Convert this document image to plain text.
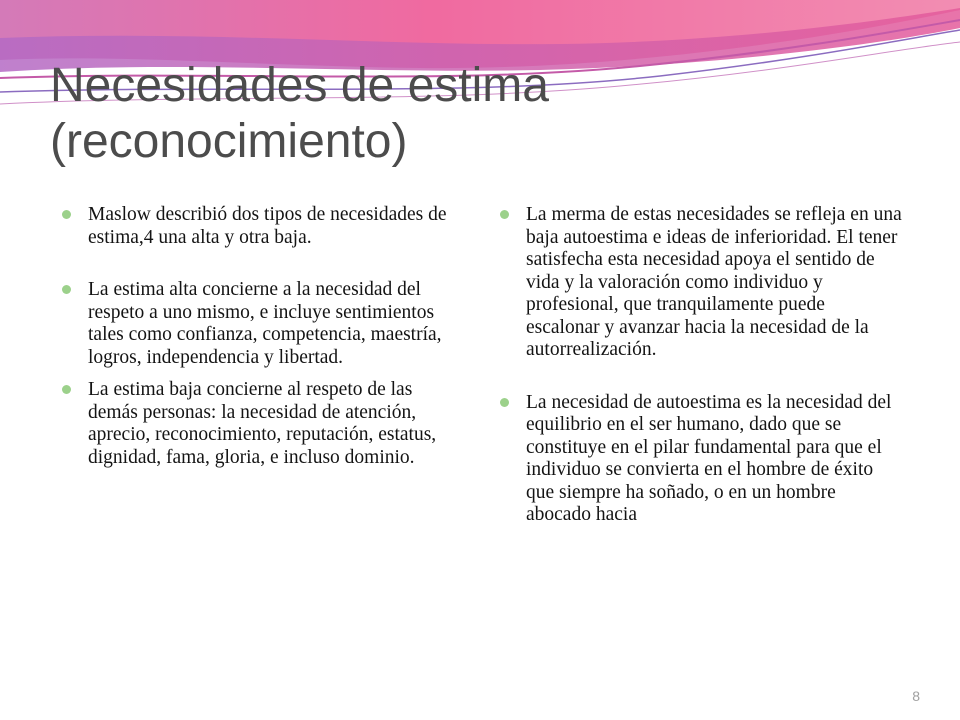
Necesidades de estima
(reconocimiento)
Maslow describió dos tipos de necesidades de estima,4 una alta y otra baja.
La estima alta concierne a la necesidad del respeto a uno mismo, e incluye sentimientos tales como confianza, competencia, maestría, logros, independencia y libertad.
La estima baja concierne al respeto de las demás personas: la necesidad de atención, aprecio, reconocimiento, reputación, estatus, dignidad, fama, gloria, e incluso dominio.
La merma de estas necesidades se refleja en una baja autoestima e ideas de inferioridad. El tener satisfecha esta necesidad apoya el sentido de vida y la valoración como individuo y profesional, que tranquilamente puede escalonar y avanzar hacia la necesidad de la autorrealización.
La necesidad de autoestima es la necesidad del equilibrio en el ser humano, dado que se constituye en el pilar fundamental para que el individuo se convierta en el hombre de éxito que siempre ha soñado, o en un hombre abocado hacia
8
